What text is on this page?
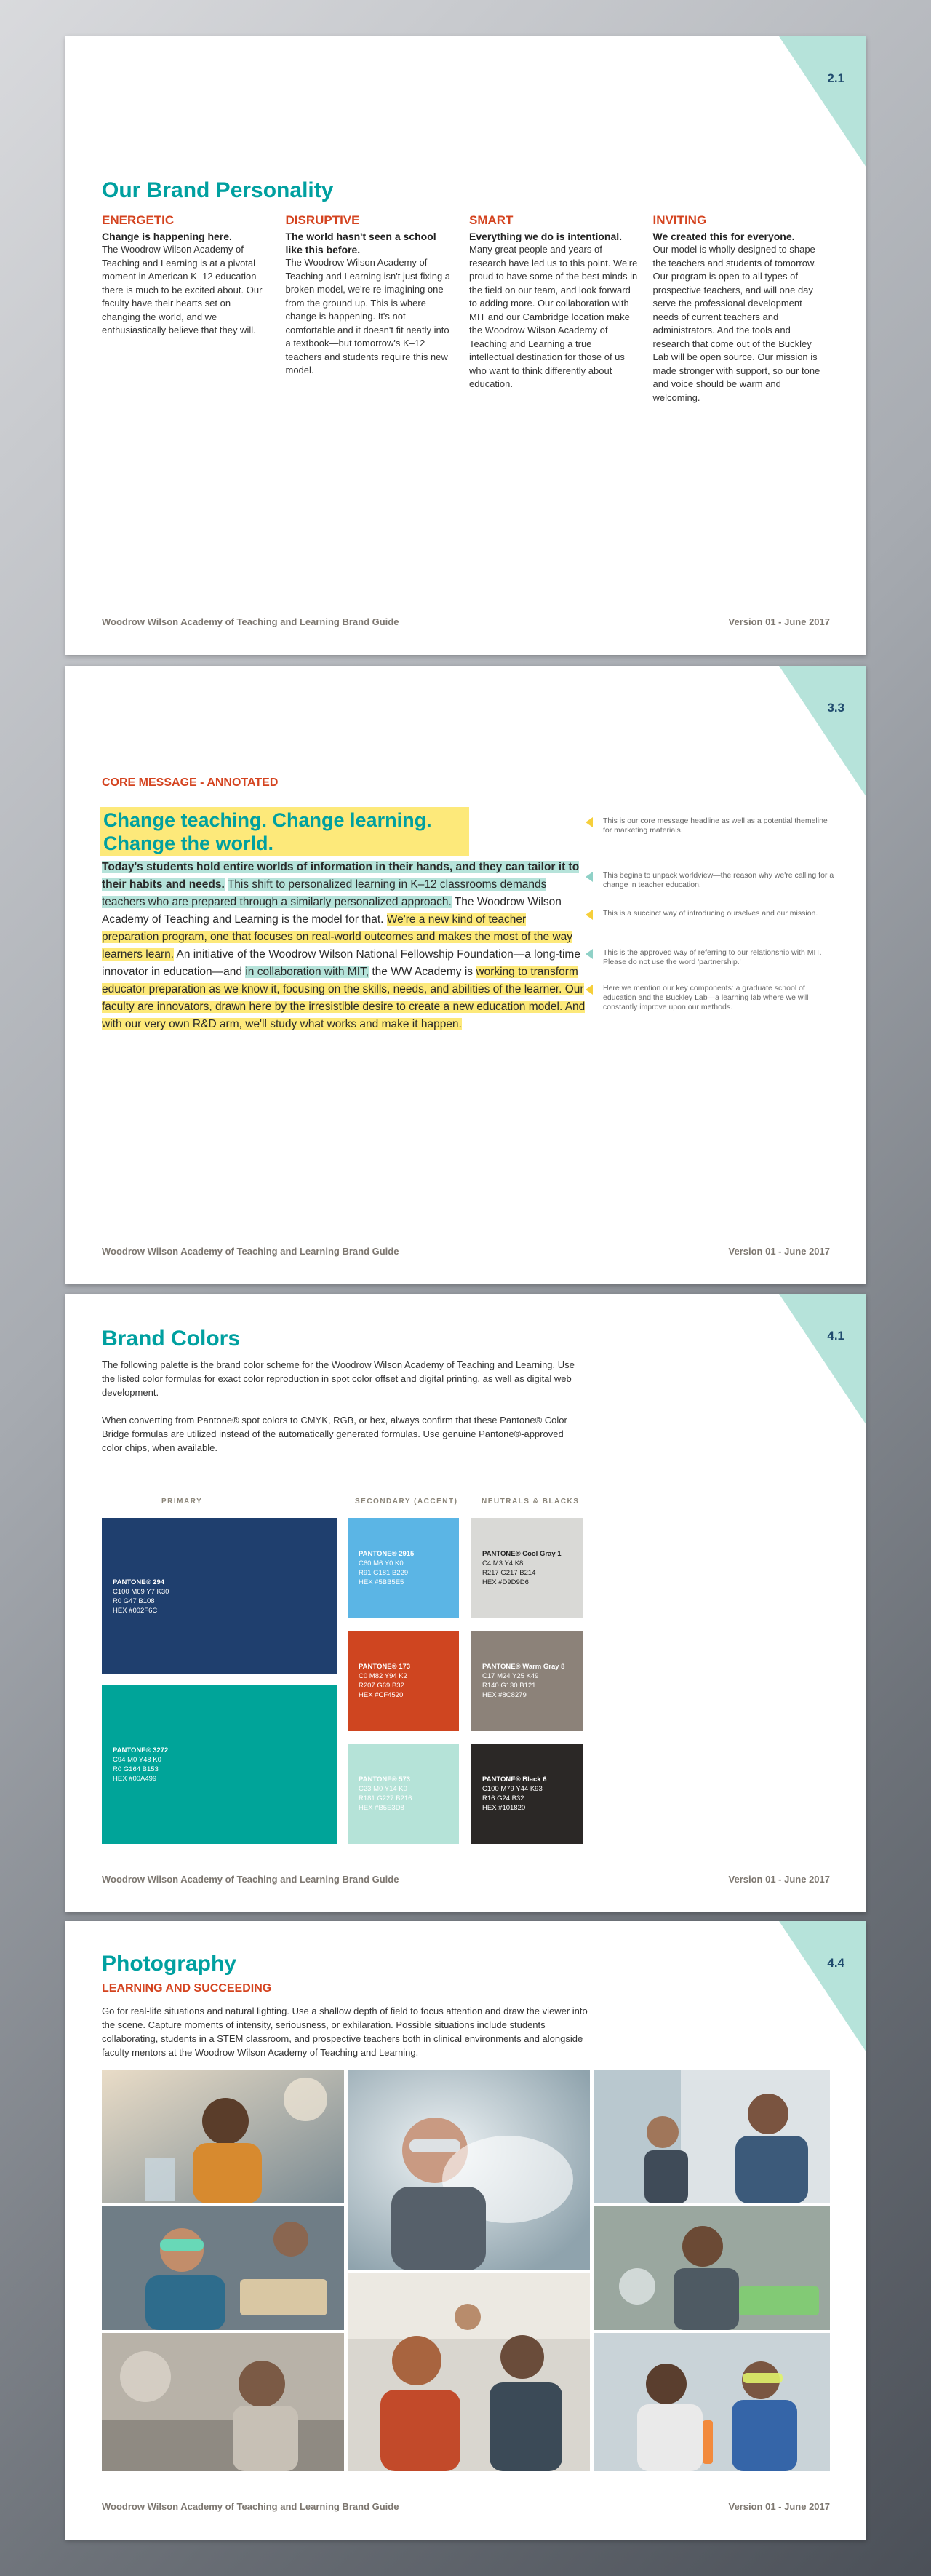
2.1
Our Brand Personality
ENERGETIC
Change is happening here.
The Woodrow Wilson Academy of Teaching and Learning is at a pivotal moment in American K–12 education—there is much to be excited about. Our faculty have their hearts set on changing the world, and we enthusiastically believe that they will.
DISRUPTIVE
The world hasn't seen a school like this before.
The Woodrow Wilson Academy of Teaching and Learning isn't just fixing a broken model, we're re-imagining one from the ground up. This is where change is happening. It's not comfortable and it doesn't fit neatly into a textbook—but tomorrow's K–12 teachers and students require this new model.
SMART
Everything we do is intentional.
Many great people and years of research have led us to this point. We're proud to have some of the best minds in the field on our team, and look forward to adding more. Our collaboration with MIT and our Cambridge location make the Woodrow Wilson Academy of Teaching and Learning a true intellectual destination for those of us who want to think differently about education.
INVITING
We created this for everyone.
Our model is wholly designed to shape the teachers and students of tomorrow. Our program is open to all types of prospective teachers, and will one day serve the professional development needs of current teachers and administrators. And the tools and research that come out of the Buckley Lab will be open source. Our mission is made stronger with support, so our tone and voice should be warm and welcoming.
Woodrow Wilson Academy of Teaching and Learning Brand Guide	Version 01 - June 2017
3.3
CORE MESSAGE - ANNOTATED
Change teaching. Change learning.
Change the world.
Today's students hold entire worlds of information in their hands, and they can tailor it to their habits and needs. This shift to personalized learning in K–12 classrooms demands teachers who are prepared through a similarly personalized approach. The Woodrow Wilson Academy of Teaching and Learning is the model for that. We're a new kind of teacher preparation program, one that focuses on real-world outcomes and makes the most of the way learners learn. An initiative of the Woodrow Wilson National Fellowship Foundation—a long-time innovator in education—and in collaboration with MIT, the WW Academy is working to transform educator preparation as we know it, focusing on the skills, needs, and abilities of the learner. Our faculty are innovators, drawn here by the irresistible desire to create a new education model. And with our very own R&D arm, we'll study what works and make it happen.
This is our core message headline as well as a potential themeline for marketing materials.
This begins to unpack worldview—the reason why we're calling for a change in teacher education.
This is a succinct way of introducing ourselves and our mission.
This is the approved way of referring to our relationship with MIT. Please do not use the word 'partnership.'
Here we mention our key components: a graduate school of education and the Buckley Lab—a learning lab where we will constantly improve upon our methods.
Woodrow Wilson Academy of Teaching and Learning Brand Guide	Version 01 - June 2017
4.1
Brand Colors

The following palette is the brand color scheme for the Woodrow Wilson Academy of Teaching and Learning. Use the listed color formulas for exact color reproduction in spot color offset and digital printing, as well as digital web development.

When converting from Pantone® spot colors to CMYK, RGB, or hex, always confirm that these Pantone® Color Bridge formulas are utilized instead of the automatically generated formulas. Use genuine Pantone®-approved color chips, when available.

PRIMARY	SECONDARY (ACCENT)	NEUTRALS & BLACKS
PANTONE® 294
C100 M69 Y7 K30
R0 G47 B108
HEX #002F6C
PANTONE® 3272
C94 M0 Y48 K0
R0 G164 B153
HEX #00A499
PANTONE® 2915
C60 M6 Y0 K0
R91 G181 B229
HEX #5BB5E5
PANTONE® 173
C0 M82 Y94 K2
R207 G69 B32
HEX #CF4520
PANTONE® 573
C23 M0 Y14 K0
R181 G227 B216
HEX #B5E3D8
PANTONE® Cool Gray 1
C4 M3 Y4 K8
R217 G217 B214
HEX #D9D9D6
PANTONE® Warm Gray 8
C17 M24 Y25 K49
R140 G130 B121
HEX #8C8279
PANTONE® Black 6
C100 M79 Y44 K93
R16 G24 B32
HEX #101820
Woodrow Wilson Academy of Teaching and Learning Brand Guide	Version 01 - June 2017
4.4
Photography
LEARNING AND SUCCEEDING
Go for real-life situations and natural lighting. Use a shallow depth of field to focus attention and draw the viewer into the scene. Capture moments of intensity, seriousness, or exhilaration. Possible situations include students collaborating, students in a STEM classroom, and prospective teachers both in clinical environments and alongside faculty mentors at the Woodrow Wilson Academy of Teaching and Learning.
Woodrow Wilson Academy of Teaching and Learning Brand Guide	Version 01 - June 2017
